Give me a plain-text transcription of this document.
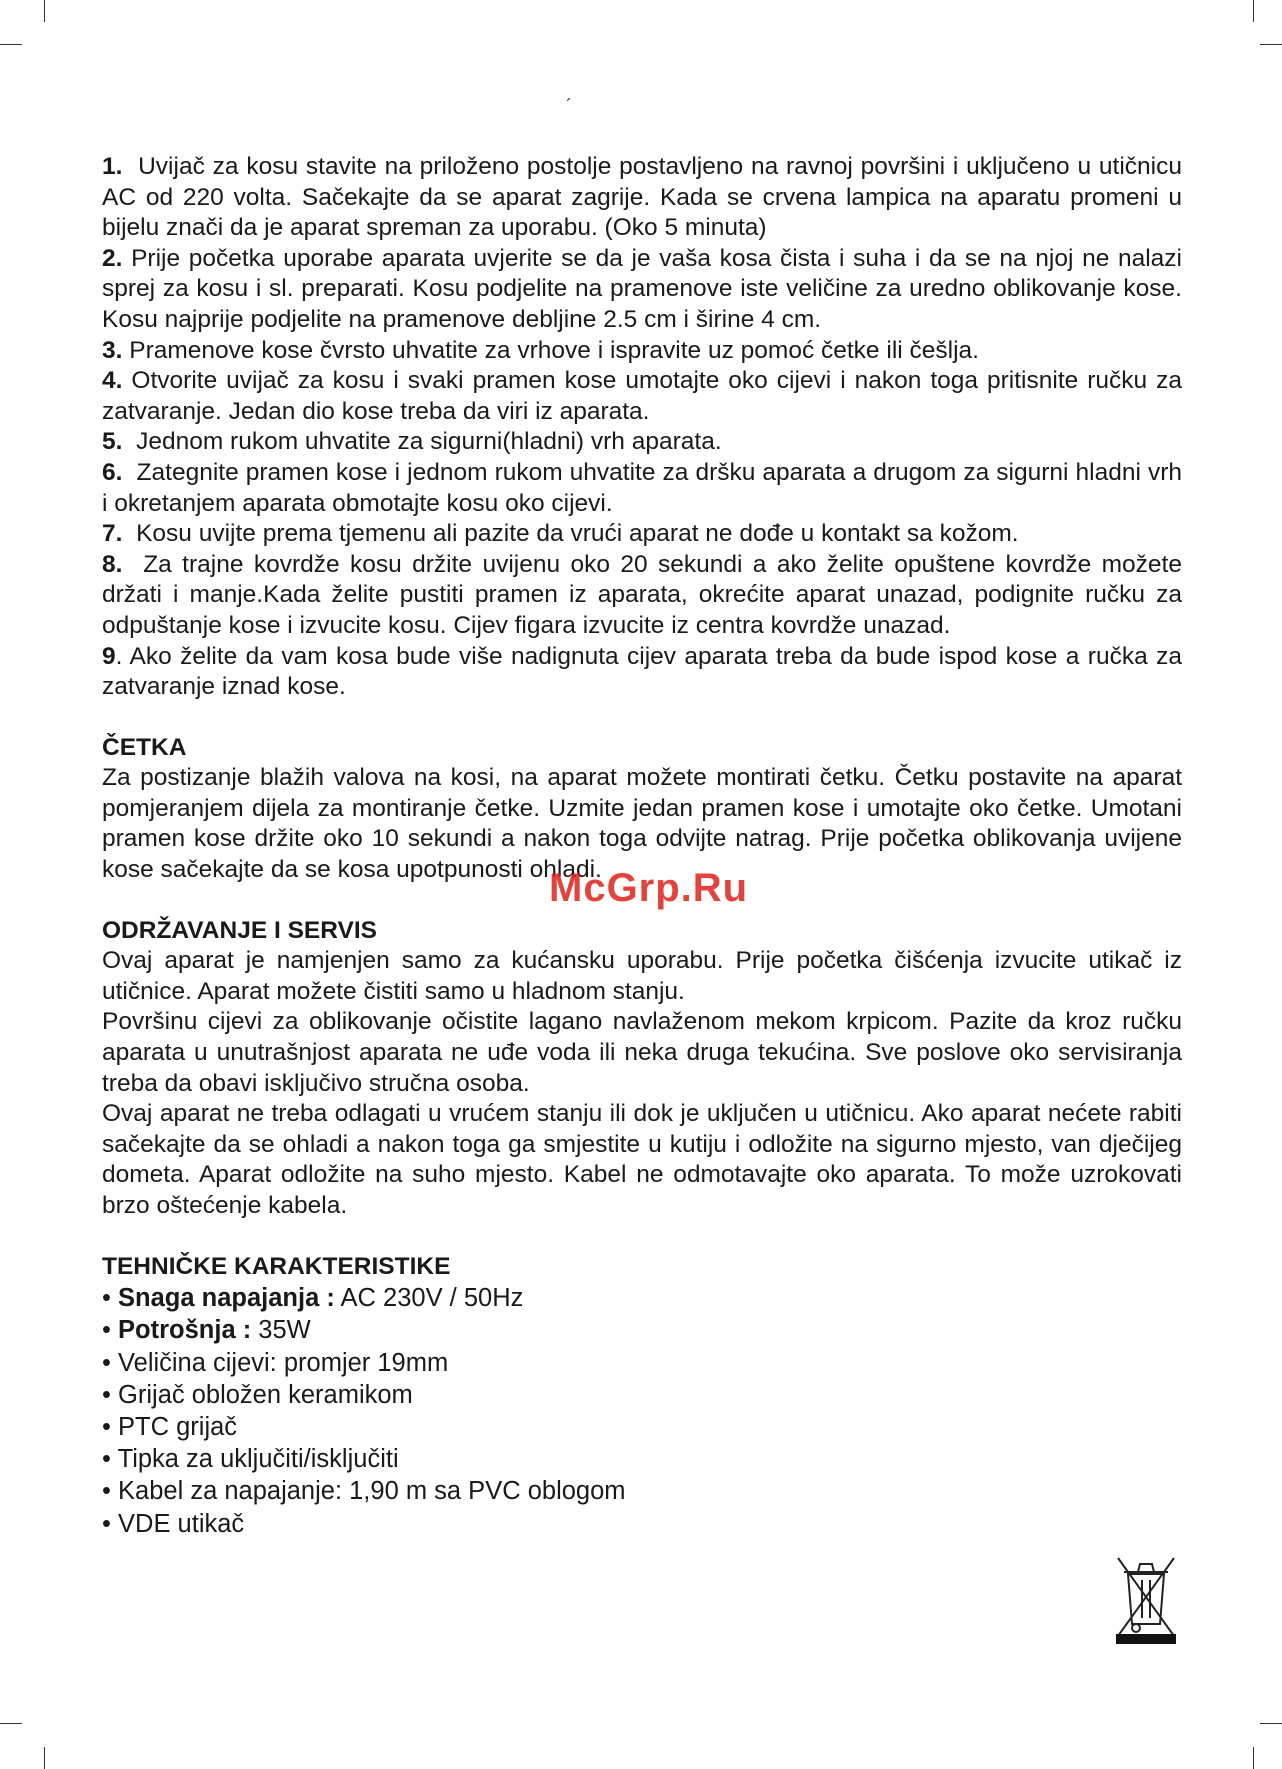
´

1. Uvijač za kosu stavite na priloženo postolje postavljeno na ravnoj površini i uključeno u utičnicu AC od 220 volta. Sačekajte da se aparat zagrije. Kada se crvena lampica na aparatu promeni u bijelu znači da je aparat spreman za uporabu. (Oko 5 minuta)

2. Prije početka uporabe aparata uvjerite se da je vaša kosa čista i suha i da se na njoj ne nalazi sprej za kosu i sl. preparati. Kosu podjelite na pramenove iste veličine za uredno oblikovanje kose. Kosu najprije podjelite na pramenove debljine 2.5 cm i širine 4 cm.

3. Pramenove kose čvrsto uhvatite za vrhove i ispravite uz pomoć četke ili češlja.

4. Otvorite uvijač za kosu i svaki pramen kose umotajte oko cijevi i nakon toga pritisnite ručku za zatvaranje. Jedan dio kose treba da viri iz aparata.

5. Jednom rukom uhvatite za sigurni(hladni) vrh aparata.

6. Zategnite pramen kose i jednom rukom uhvatite za dršku aparata a drugom za sigurni hladni vrh i okretanjem aparata obmotajte kosu oko cijevi.

7. Kosu uvijte prema tjemenu ali pazite da vrući aparat ne dođe u kontakt sa kožom.

8. Za trajne kovrdže kosu držite uvijenu oko 20 sekundi a ako želite opuštene kovrdže možete držati i manje.Kada želite pustiti pramen iz aparata, okrećite aparat unazad, podignite ručku za odpuštanje kose i izvucite kosu. Cijev figara izvucite iz centra kovrdže unazad.

9. Ako želite da vam kosa bude više nadignuta cijev aparata treba da bude ispod kose a ručka za zatvaranje iznad kose.

ČETKA

Za postizanje blažih valova na kosi, na aparat možete montirati četku. Četku postavite na aparat pomjeranjem dijela za montiranje četke. Uzmite jedan pramen kose i umotajte oko četke. Umotani pramen kose držite oko 10 sekundi a nakon toga odvijte natrag. Prije početka oblikovanja uvijene kose sačekajte da se kosa upotpunosti ohladi.

ODRŽAVANJE I SERVIS

Ovaj aparat je namjenjen samo za kućansku uporabu. Prije početka čišćenja izvucite utikač iz utičnice. Aparat možete čistiti samo u hladnom stanju.

Površinu cijevi za oblikovanje očistite lagano navlaženom mekom krpicom. Pazite da kroz ručku aparata u unutrašnjost aparata ne uđe voda ili neka druga tekućina. Sve poslove oko servisiranja treba da obavi isključivo stručna osoba.

Ovaj aparat ne treba odlagati u vrućem stanju ili dok je uključen u utičnicu. Ako aparat nećete rabiti sačekajte da se ohladi a nakon toga ga smjestite u kutiju i odložite na sigurno mjesto, van dječijeg dometa. Aparat odložite na suho mjesto. Kabel ne odmotavajte oko aparata. To može uzrokovati brzo oštećenje kabela.

TEHNIČKE KARAKTERISTIKE
• Snaga napajanja : AC 230V / 50Hz
• Potrošnja : 35W
• Veličina cijevi: promjer 19mm
• Grijač obložen keramikom
• PTC grijač
• Tipka za uključiti/isključiti
• Kabel za napajanje: 1,90 m sa PVC oblogom
• VDE utikač
McGrp.Ru
